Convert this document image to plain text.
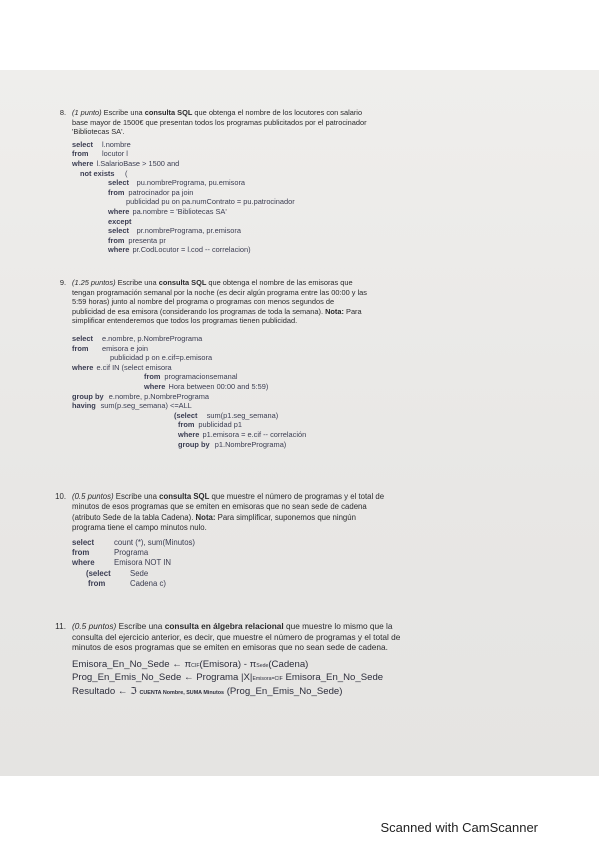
8. (1 punto) Escribe una consulta SQL que obtenga el nombre de los locutores con salario
base mayor de 1500€ que presentan todos los programas publicitados por el patrocinador
'Bibliotecas SA'.
select l.nombre
from locutor l
where l.SalarioBase > 1500 and
not exists (
select pu.nombrePrograma, pu.emisora
from patrocinador pa join
publicidad pu on pa.numContrato = pu.patrocinador
where pa.nombre = 'Bibliotecas SA'
except
select pr.nombrePrograma, pr.emisora
from presenta pr
where pr.CodLocutor = l.cod -- correlacion)
9. (1.25 puntos) Escribe una consulta SQL que obtenga el nombre de las emisoras que
tengan programación semanal por la noche (es decir algún programa entre las 00:00 y las
5:59 horas) junto al nombre del programa o programas con menos segundos de
publicidad de esa emisora (considerando los programas de toda la semana). Nota: Para
simplificar entenderemos que todos los programas tienen publicidad.
select e.nombre, p.NombrePrograma
from emisora e join
publicidad p on e.cif=p.emisora
where e.cif IN (select emisora
from programacionsemanal
where Hora between 00:00 and 5:59)
group by e.nombre, p.NombrePrograma
having sum(p.seg_semana) <=ALL
(select sum(p1.seg_semana)
from publicidad p1
where p1.emisora = e.cif -- correlación
group by p1.NombrePrograma)
10. (0.5 puntos) Escribe una consulta SQL que muestre el número de programas y el total de
minutos de esos programas que se emiten en emisoras que no sean sede de cadena
(atributo Sede de la tabla Cadena). Nota: Para simplificar, suponemos que ningún
programa tiene el campo minutos nulo.
select	count (*), sum(Minutos)
from	Programa
where Emisora NOT IN
(select Sede
from	Cadena c)
11. (0.5 puntos) Escribe una consulta en álgebra relacional que muestre lo mismo que la
consulta del ejercicio anterior, es decir, que muestre el número de programas y el total de
minutos de esos programas que se emiten en emisoras que no sean sede de cadena.
Emisora_En_No_Sede ← πCIF(Emisora) - πSede(Cadena)
Prog_En_Emis_No_Sede ← Programa |X|Emisora=CIF Emisora_En_No_Sede
Resultado ← ℑ CUENTA Nombre, SUMA Minutos (Prog_En_Emis_No_Sede)
Scanned with CamScanner
